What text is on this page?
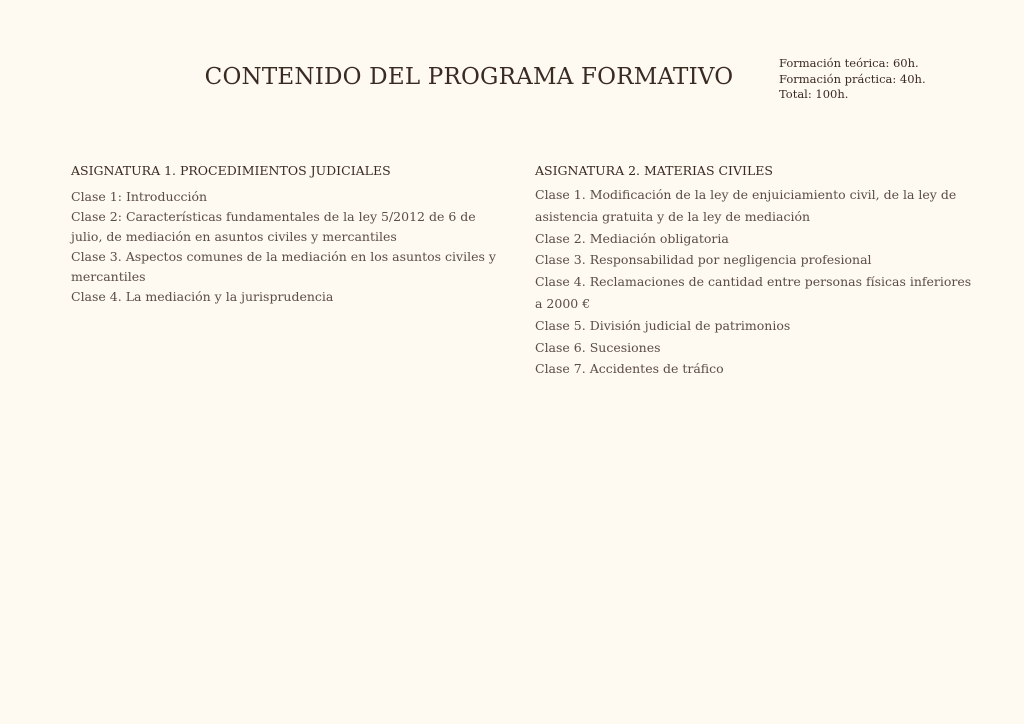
CONTENIDO DEL PROGRAMA FORMATIVO
Formación teórica: 60h.
Formación práctica: 40h.
Total: 100h.
ASIGNATURA 1. PROCEDIMIENTOS JUDICIALES
Clase 1: Introducción
Clase 2: Características fundamentales de la ley 5/2012 de 6 de julio, de mediación en asuntos civiles y mercantiles
Clase 3. Aspectos comunes de la mediación en los asuntos civiles y mercantiles
Clase 4. La mediación y la jurisprudencia
ASIGNATURA 2. MATERIAS CIVILES
Clase 1. Modificación de la ley de enjuiciamiento civil, de la ley de asistencia gratuita y de la ley de mediación
Clase 2. Mediación obligatoria
Clase 3. Responsabilidad por negligencia profesional
Clase 4. Reclamaciones de cantidad entre personas físicas inferiores a 2000 €
Clase 5. División judicial de patrimonios
Clase 6. Sucesiones
Clase 7. Accidentes de tráfico
